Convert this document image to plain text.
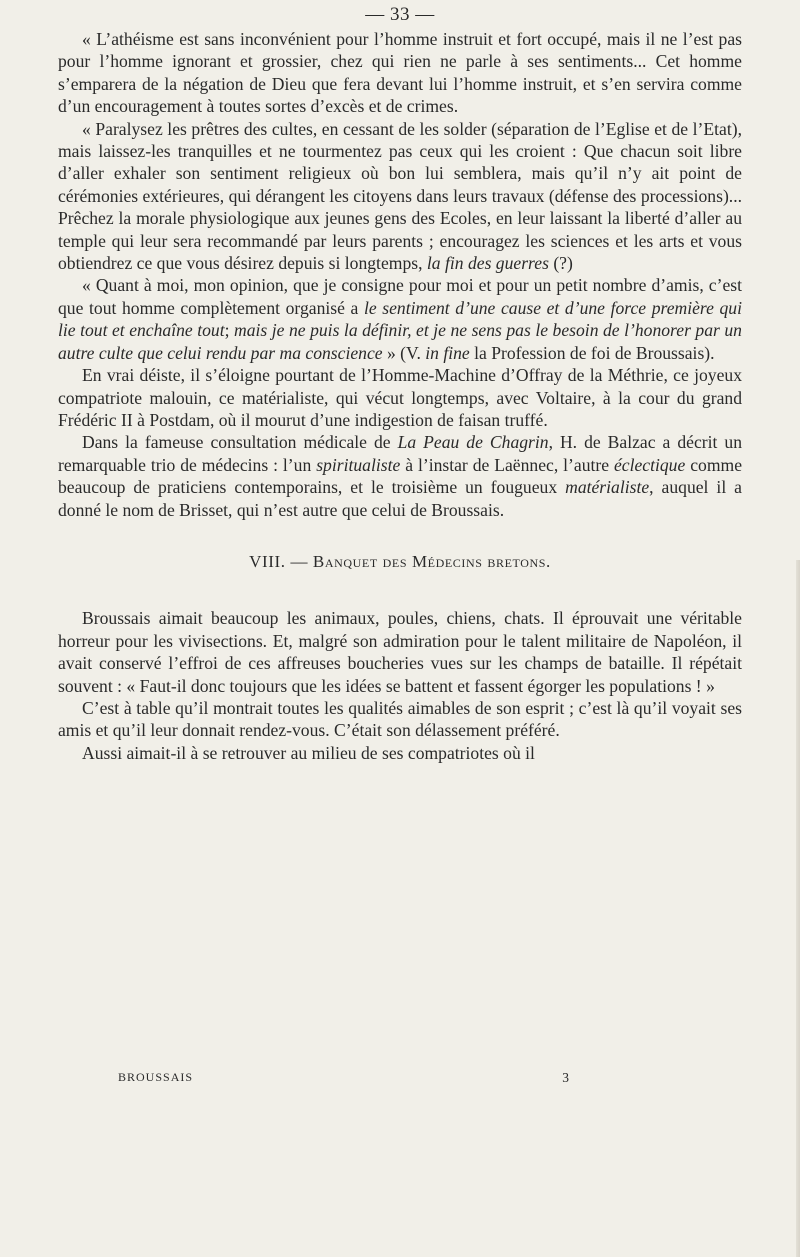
— 33 —

« L’athéisme est sans inconvénient pour l’homme instruit et fort occupé, mais il ne l’est pas pour l’homme ignorant et grossier, chez qui rien ne parle à ses sentiments... Cet homme s’emparera de la négation de Dieu que fera devant lui l’homme instruit, et s’en servira comme d’un encouragement à toutes sortes d’excès et de crimes.

« Paralysez les prêtres des cultes, en cessant de les solder (séparation de l’Eglise et de l’Etat), mais laissez-les tranquilles et ne tourmentez pas ceux qui les croient : Que chacun soit libre d’aller exhaler son sentiment religieux où bon lui semblera, mais qu’il n’y ait point de cérémonies extérieures, qui dérangent les citoyens dans leurs travaux (défense des processions)... Prêchez la morale physiologique aux jeunes gens des Ecoles, en leur laissant la liberté d’aller au temple qui leur sera recommandé par leurs parents ; encouragez les sciences et les arts et vous obtiendrez ce que vous désirez depuis si longtemps, la fin des guerres (?)

« Quant à moi, mon opinion, que je consigne pour moi et pour un petit nombre d’amis, c’est que tout homme complètement organisé a le sentiment d’une cause et d’une force première qui lie tout et enchaîne tout; mais je ne puis la définir, et je ne sens pas le besoin de l’honorer par un autre culte que celui rendu par ma conscience » (V. in fine la Profession de foi de Broussais).

En vrai déiste, il s’éloigne pourtant de l’Homme-Machine d’Offray de la Méthrie, ce joyeux compatriote malouin, ce matérialiste, qui vécut longtemps, avec Voltaire, à la cour du grand Frédéric II à Postdam, où il mourut d’une indigestion de faisan truffé.

Dans la fameuse consultation médicale de La Peau de Chagrin, H. de Balzac a décrit un remarquable trio de médecins : l’un spiritualiste à l’instar de Laënnec, l’autre éclectique comme beaucoup de praticiens contemporains, et le troisième un fougueux matérialiste, auquel il a donné le nom de Brisset, qui n’est autre que celui de Broussais.

VIII. — Banquet des Médecins bretons.

Broussais aimait beaucoup les animaux, poules, chiens, chats. Il éprouvait une véritable horreur pour les vivisections. Et, malgré son admiration pour le talent militaire de Napoléon, il avait conservé l’effroi de ces affreuses boucheries vues sur les champs de bataille. Il répétait souvent : « Faut-il donc toujours que les idées se battent et fassent égorger les populations ! »

C’est à table qu’il montrait toutes les qualités aimables de son esprit ; c’est là qu’il voyait ses amis et qu’il leur donnait rendez-vous. C’était son délassement préféré.

Aussi aimait-il à se retrouver au milieu de ses compatriotes où il

BROUSSAIS	3
